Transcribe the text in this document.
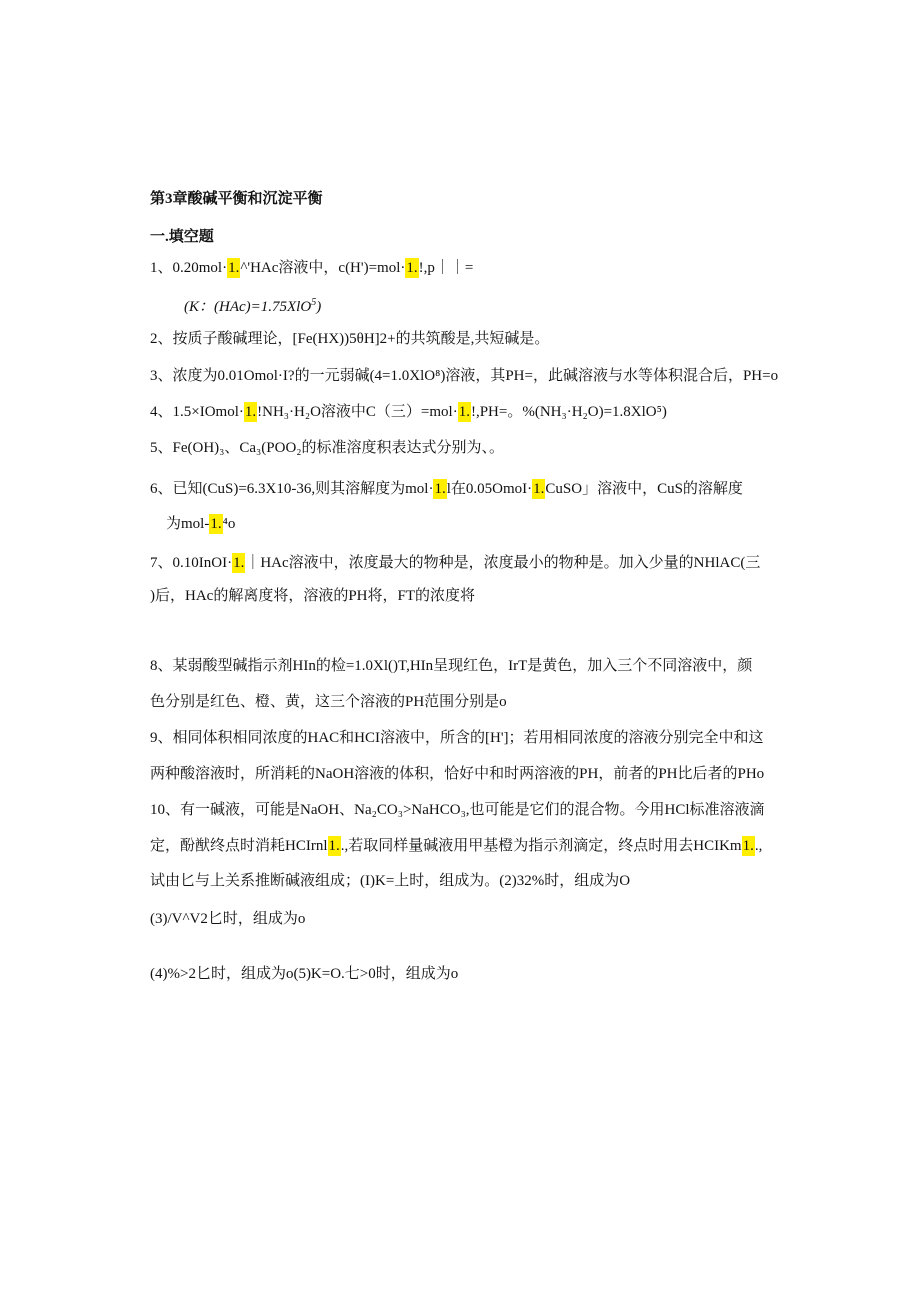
第3章酸碱平衡和沉淀平衡
一.填空题
1、0.20mol·1.^'HAc溶液中，c(H')=mol·1.!,p｜｜=
(K：(HAc)=1.75XlO$^5$)
2、按质子酸碱理论，[Fe(HX))5θH]2+的共筑酸是,共短碱是。
3、浓度为0.01Omol·I?的一元弱碱(4=1.0XlO⁸)溶液，其PH=，此碱溶液与水等体积混合后，PH=o
4、1.5×IOmol·1.!NH₃·H₂O溶液中C（三）=mol·1.!,PH=。%(NH₃·H₂O)=1.8XlO⁵)
5、Fe(OH)₃、Ca₃(POO₂的标准溶度积表达式分别为、。
6、已知(CuS)=6.3X10-36,则其溶解度为mol·1.l在0.05OmoI·1.CuSO」溶液中，CuS的溶解度
为mol-1.⁴o
7、0.10InOI·1.｜HAc溶液中，浓度最大的物种是，浓度最小的物种是。加入少量的NHlAC(三
)后，HAc的解离度将，溶液的PH将，FT的浓度将
8、某弱酸型碱指示剂HIn的检=1.0Xl()T,HIn呈现红色，IrT是黄色，加入三个不同溶液中，颜
色分别是红色、橙、黄，这三个溶液的PH范围分别是o
9、相同体积相同浓度的HAC和HCI溶液中，所含的[H']；若用相同浓度的溶液分别完全中和这
两种酸溶液时，所消耗的NaOH溶液的体积，恰好中和时两溶液的PH，前者的PH比后者的PHo
10、有一碱液，可能是NaOH、Na₂CO₃>NaHCO₃,也可能是它们的混合物。今用HCl标准溶液滴
定，酚猷终点时消耗HCIrnl1..,若取同样量碱液用甲基橙为指示剂滴定，终点时用去HCIKm1..,
试由匕与上关系推断碱液组成；(I)K=上时，组成为。(2)32%时，组成为O
(3)/V^V2匕时，组成为o
(4)%>2匕时，组成为o(5)K=O.七>0时，组成为o
